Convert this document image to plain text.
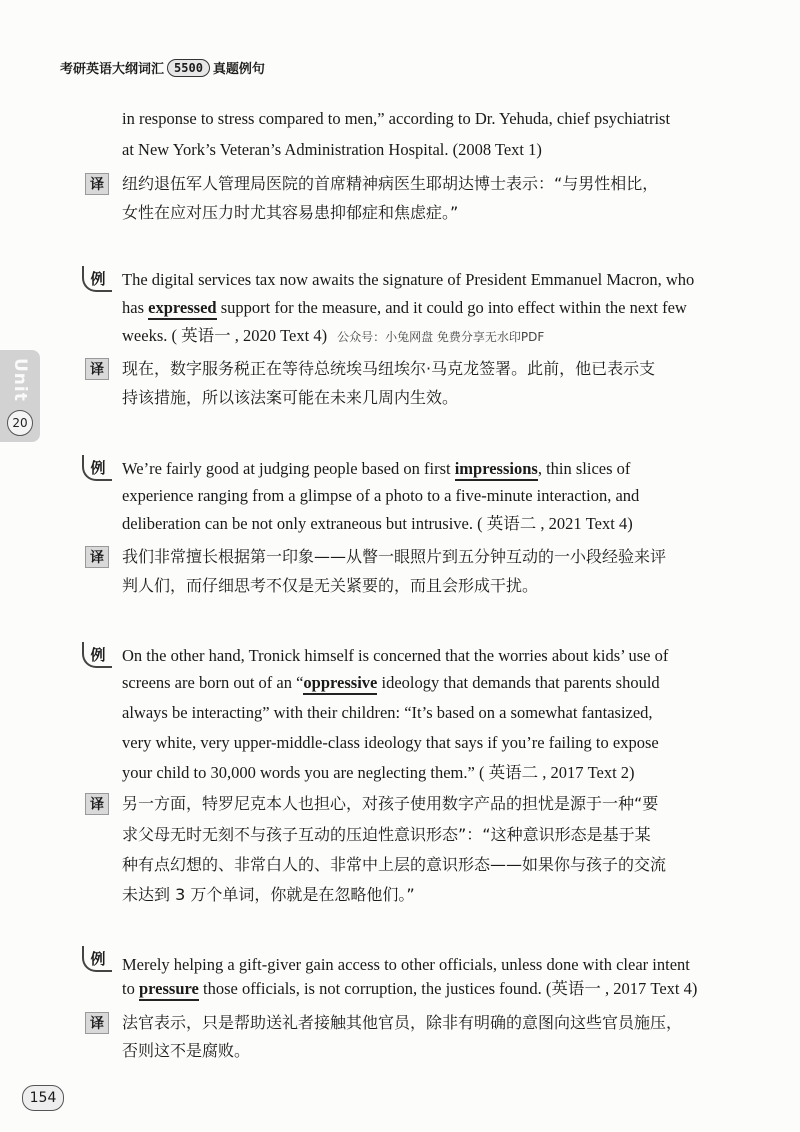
考研英语大纲词汇 5500 真题例句
Unit
20
in response to stress compared to men,” according to Dr. Yehuda, chief psychiatrist
at New York’s Veteran’s Administration Hospital. (2008 Text 1)
译	纽约退伍军人管理局医院的首席精神病医生耶胡达博士表示：“与男性相比，
女性在应对压力时尤其容易患抑郁症和焦虑症。”
例	The digital services tax now awaits the signature of President Emmanuel Macron, who
has expressed support for the measure, and it could go into effect within the next few
weeks. ( 英语一 , 2020 Text 4) 公众号：小兔网盘 免费分享无水印PDF
译	现在，数字服务税正在等待总统埃马纽埃尔·马克龙签署。此前，他已表示支
持该措施，所以该法案可能在未来几周内生效。
例	We’re fairly good at judging people based on first impressions, thin slices of
experience ranging from a glimpse of a photo to a five-minute interaction, and
deliberation can be not only extraneous but intrusive. ( 英语二 , 2021 Text 4)
译	我们非常擅长根据第一印象——从瞥一眼照片到五分钟互动的一小段经验来评
判人们，而仔细思考不仅是无关紧要的，而且会形成干扰。
例	On the other hand, Tronick himself is concerned that the worries about kids’ use of
screens are born out of an “oppressive ideology that demands that parents should
always be interacting” with their children: “It’s based on a somewhat fantasized,
very white, very upper-middle-class ideology that says if you’re failing to expose
your child to 30,000 words you are neglecting them.” ( 英语二 , 2017 Text 2)
译	另一方面，特罗尼克本人也担心，对孩子使用数字产品的担忧是源于一种“要
求父母无时无刻不与孩子互动的压迫性意识形态”：“这种意识形态是基于某
种有点幻想的、非常白人的、非常中上层的意识形态——如果你与孩子的交流
未达到 3 万个单词，你就是在忽略他们。”
例	Merely helping a gift-giver gain access to other officials, unless done with clear intent
to pressure those officials, is not corruption, the justices found. (英语一 , 2017 Text 4)
译	法官表示，只是帮助送礼者接触其他官员，除非有明确的意图向这些官员施压，
否则这不是腐败。
154
